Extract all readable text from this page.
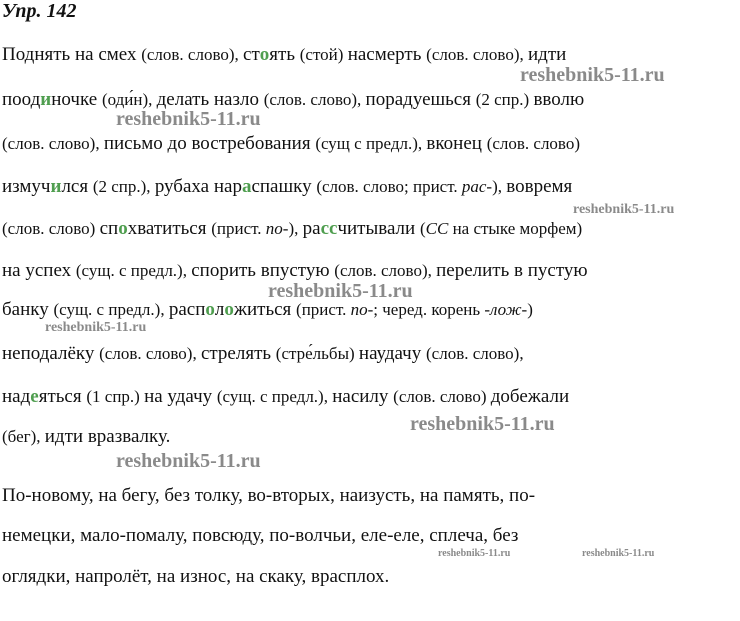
Упр. 142
Поднять на смех (слов. слово), стоять (стой) насмерть (слов. слово), идти
поодиночке (оди́н), делать назло (слов. слово), порадуешься (2 спр.) вволю
(слов. слово), письмо до востребования (сущ с предл.), вконец (слов. слово)
измучился (2 спр.), рубаха нараспашку (слов. слово; прист. рас-), вовремя
(слов. слово) спохватиться (прист. по-), рассчитывали (СС на стыке морфем)
на успех (сущ. с предл.), спорить впустую (слов. слово), перелить в пустую
банку (сущ. с предл.), расположиться (прист. по-; черед. корень -лож-)
неподалёку (слов. слово), стрелять (стре́льбы) наудачу (слов. слово),
надеяться (1 спр.) на удачу (сущ. с предл.), насилу (слов. слово) добежали
(бег), идти вразвалку.
По-новому, на бегу, без толку, во-вторых, наизусть, на память, по-
немецки, мало-помалу, повсюду, по-волчьи, еле-еле, сплеча, без
оглядки, напролёт, на износ, на скаку, врасплох.
reshebnik5-11.ru
reshebnik5-11.ru
reshebnik5-11.ru
reshebnik5-11.ru
reshebnik5-11.ru
reshebnik5-11.ru
reshebnik5-11.ru
reshebnik5-11.ru	reshebnik5-11.ru
